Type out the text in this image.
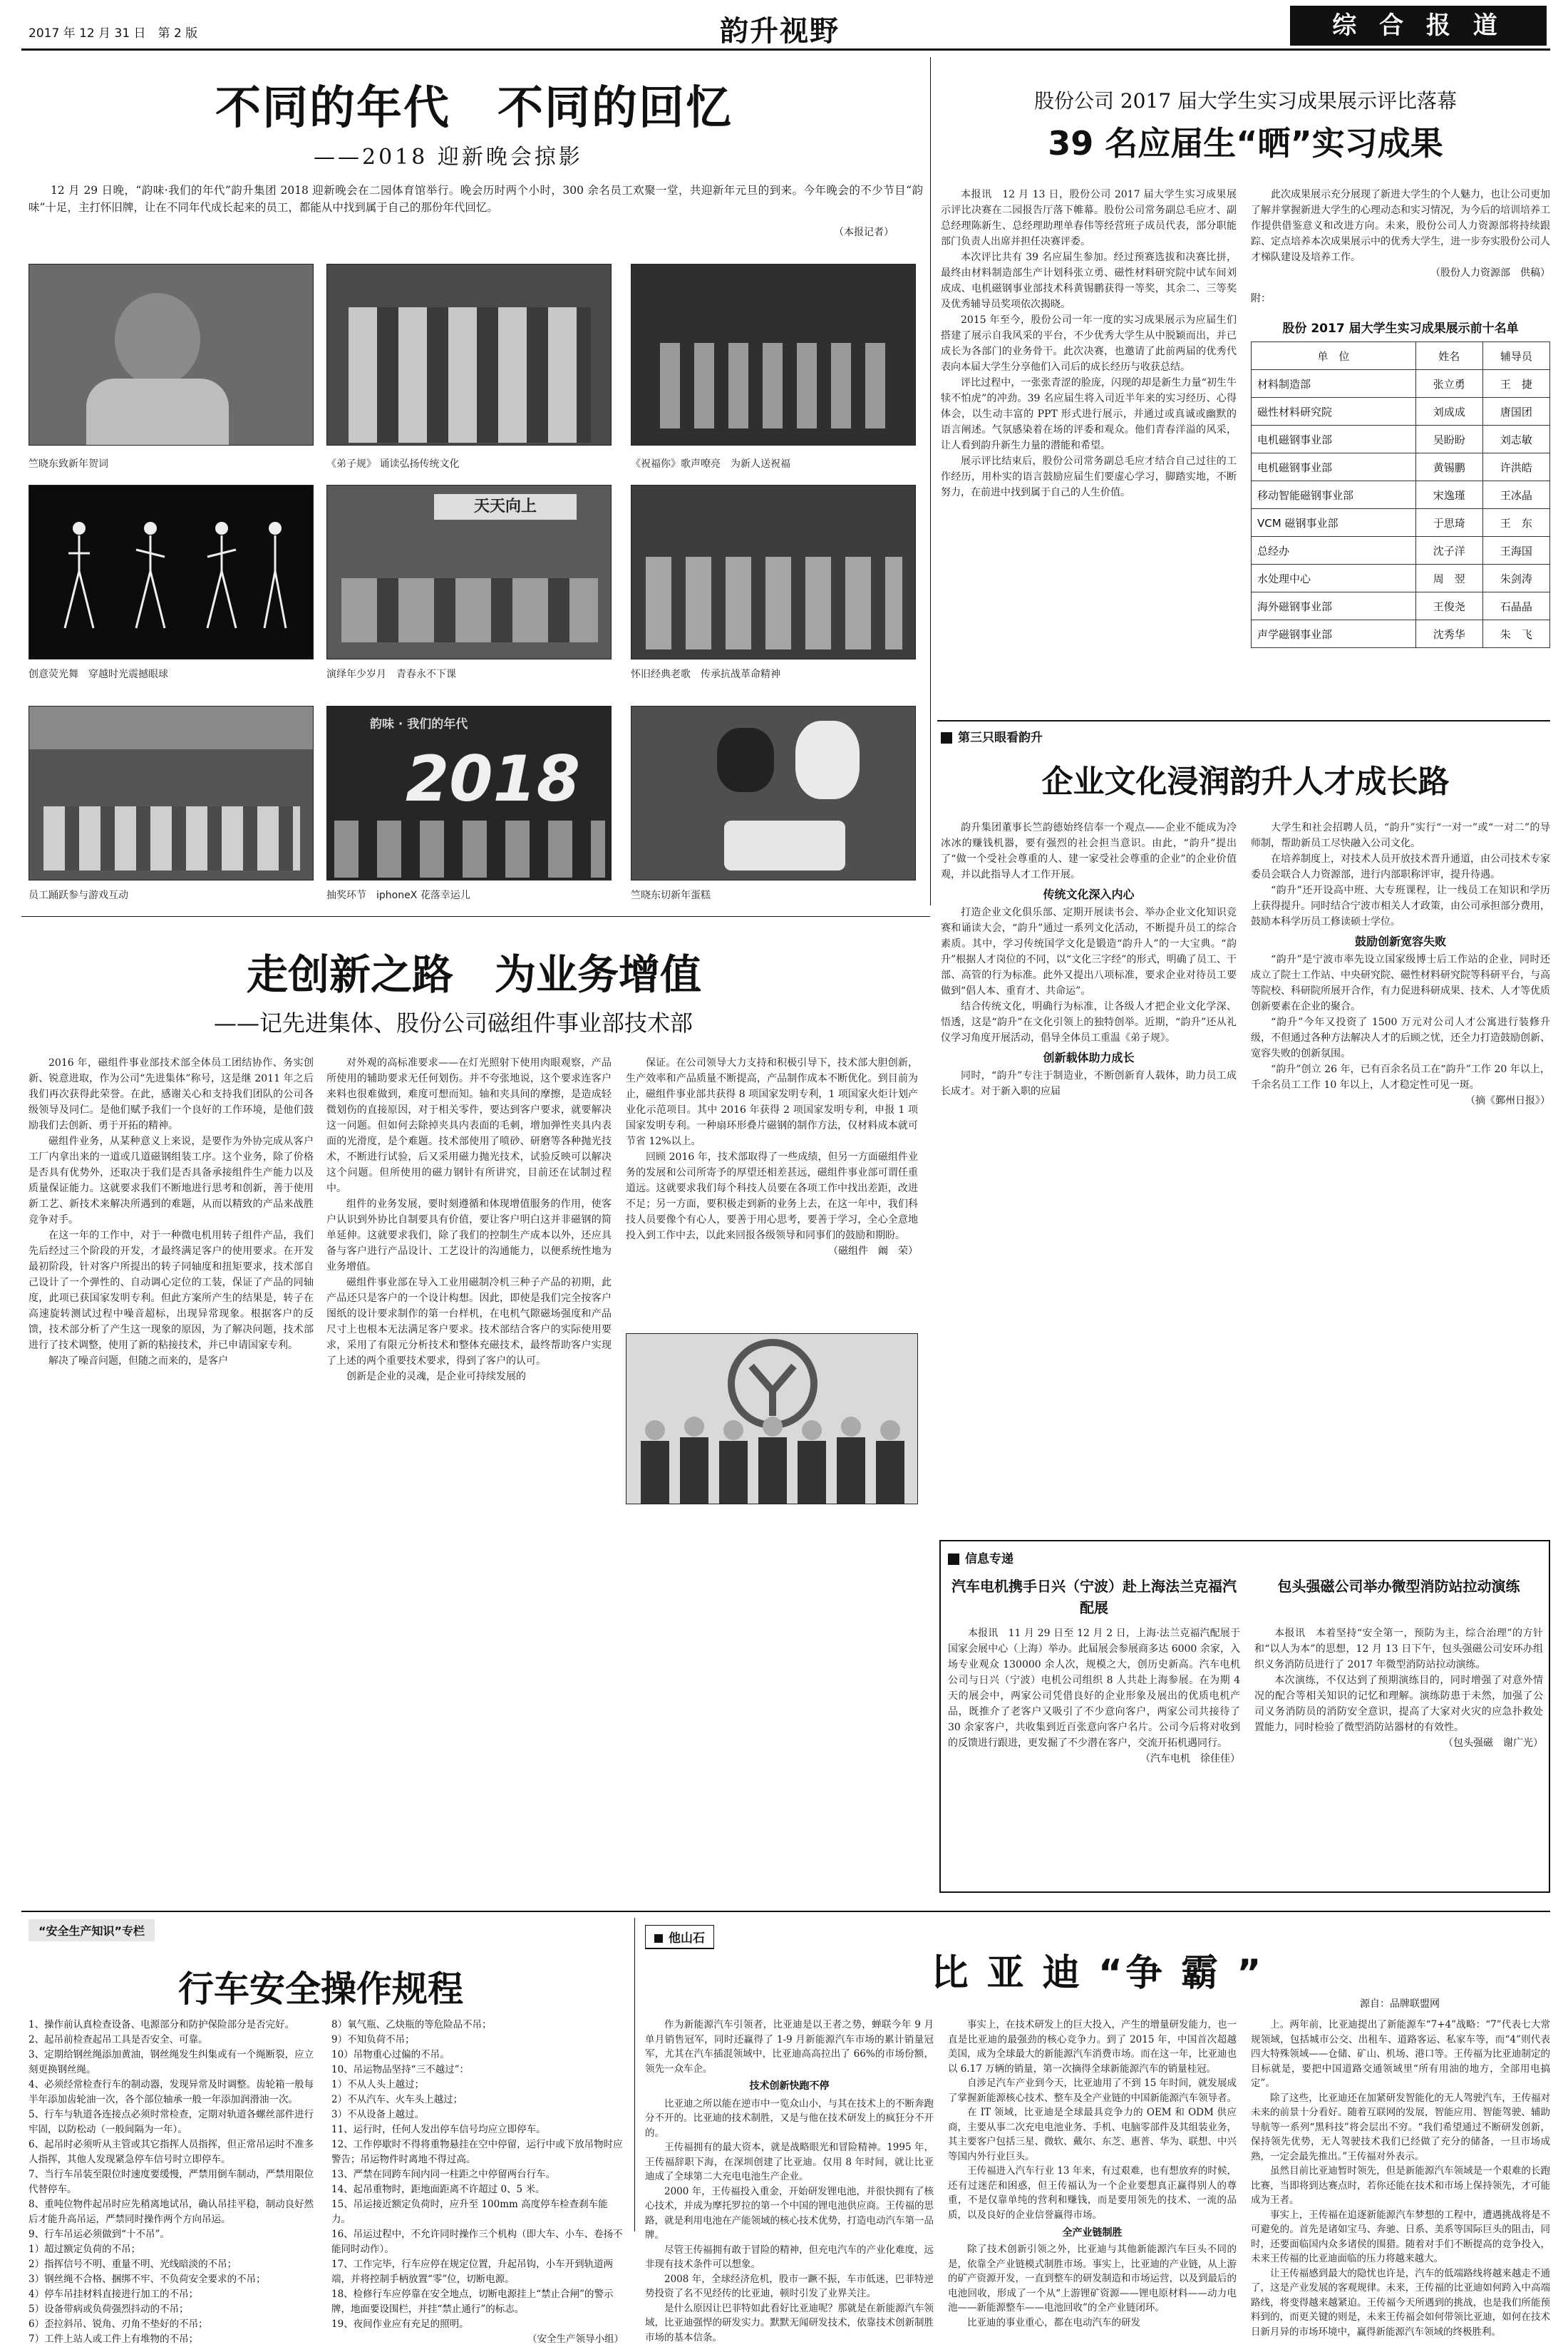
2017 年 12 月 31 日　 第 2 版	韵升视野	综 合 报 道
不同的年代　不同的回忆
——2018 迎新晚会掠影
12 月 29 日晚，“韵味·我们的年代”韵升集团 2018 迎新晚会在二园体育馆举行。晚会历时两个小时，300 余名员工欢聚一堂，共迎新年元旦的到来。今年晚会的不少节目“韵味”十足，主打怀旧牌，让在不同年代成长起来的员工，都能从中找到属于自己的那份年代回忆。
（本报记者）
竺晓东致新年贺词	《弟子规》 诵读弘扬传统文化	《祝福你》歌声嘹亮　为新人送祝福
创意荧光舞　穿越时光震撼眼球
天天向上
演绎年少岁月　青春永不下课	怀旧经典老歌　传承抗战革命精神
员工踊跃参与游戏互动
韵味 · 我们的年代
2018
抽奖环节　iphoneX 花落幸运儿	竺晓东切新年蛋糕
股份公司 2017 届大学生实习成果展示评比落幕
39 名应届生“晒”实习成果
本报讯　12 月 13 日，股份公司 2017 届大学生实习成果展示评比决赛在二园报告厅落下帷幕。股份公司常务副总毛应才、副总经理陈新生、总经理助理单春伟等经营班子成员代表，部分职能部门负责人出席并担任决赛评委。
本次评比共有 39 名应届生参加。经过预赛选拔和决赛比拼，最终由材料制造部生产计划科张立勇、磁性材料研究院中试车间刘成成、电机磁钢事业部技术科黄锡鹏获得一等奖，其余二、三等奖及优秀辅导员奖项依次揭晓。
2015 年至今，股份公司一年一度的实习成果展示为应届生们搭建了展示自我风采的平台，不少优秀大学生从中脱颖而出，并已成长为各部门的业务骨干。此次决赛，也邀请了此前两届的优秀代表向本届大学生分享他们入司后的成长经历与收获总结。
评比过程中，一张张青涩的脸庞，闪现的却是新生力量“初生牛犊不怕虎”的冲劲。39 名应届生将入司近半年来的实习经历、心得体会，以生动丰富的 PPT 形式进行展示，并通过或真诚或幽默的语言阐述。气氛感染着在场的评委和观众。他们青春洋溢的风采，让人看到韵升新生力量的潜能和希望。
展示评比结束后，股份公司常务副总毛应才结合自己过往的工作经历，用朴实的语言鼓励应届生们要虚心学习，脚踏实地，不断努力，在前进中找到属于自己的人生价值。
此次成果展示充分展现了新进大学生的个人魅力，也让公司更加了解并掌握新进大学生的心理动态和实习情况，为今后的培训培养工作提供借鉴意义和改进方向。未来，股份公司人力资源部将持续跟踪、定点培养本次成果展示中的优秀大学生，进一步夯实股份公司人才梯队建设及培养工作。
（股份人力资源部　供稿）
附：
股份 2017 届大学生实习成果展示前十名单
单　位	姓名	辅导员
材料制造部	张立勇	王　捷
磁性材料研究院	刘成成	唐国团
电机磁钢事业部	吴盼盼	刘志敏
电机磁钢事业部	黄锡鹏	许洪皓
移动智能磁钢事业部	宋逸瑾	王冰晶
VCM 磁钢事业部	于思琦	王　东
总经办	沈子洋	王海国
水处理中心	周　翌	朱剑涛
海外磁钢事业部	王俊尧	石晶晶
声学磁钢事业部	沈秀华	朱　飞
第三只眼看韵升
企业文化浸润韵升人才成长路
韵升集团董事长竺韵德始终信奉一个观点——企业不能成为冷冰冰的赚钱机器，要有强烈的社会担当意识。由此，“韵升”提出了“做一个受社会尊重的人、建一家受社会尊重的企业”的企业价值观，并以此指导人才工作开展。
传统文化深入内心
打造企业文化俱乐部、定期开展读书会、举办企业文化知识竞赛和诵读大会，“韵升”通过一系列文化活动，不断提升员工的综合素质。其中，学习传统国学文化是锻造“韵升人”的一大宝典。“韵升”根据人才岗位的不同，以“文化三字经”的形式，明确了员工、干部、高管的行为标准。此外又提出八项标准，要求企业对待员工要做到“倡人本、重育才、共命运”。
结合传统文化，明确行为标准，让各级人才把企业文化学深、悟透，这是“韵升”在文化引领上的独特创举。近期，“韵升”还从礼仪学习角度开展活动，倡导全体员工重温《弟子规》。
创新载体助力成长
同时，“韵升”专注于制造业，不断创新育人载体，助力员工成长成才。对于新入职的应届
大学生和社会招聘人员，“韵升”实行“一对一”或“一对二”的导师制，帮助新员工尽快融入公司文化。
在培养制度上，对技术人员开放技术晋升通道，由公司技术专家委员会联合人力资源部，进行内部职称评审，提升待遇。
“韵升”还开设高中班、大专班课程，让一线员工在知识和学历上获得提升。同时结合宁波市相关人才政策，由公司承担部分费用，鼓励本科学历员工修读硕士学位。
鼓励创新宽容失败
“韵升”是宁波市率先设立国家级博士后工作站的企业，同时还成立了院士工作站、中央研究院、磁性材料研究院等科研平台，与高等院校、科研院所展开合作，有力促进科研成果、技术、人才等优质创新要素在企业的聚合。
“韵升”今年又投资了 1500 万元对公司人才公寓进行装修升级，不但通过各种方法解决人才的后顾之忧，还全力打造鼓励创新、宽容失败的创新氛围。
“韵升”创立 26 年，已有百余名员工在“韵升”工作 20 年以上，千余名员工工作 10 年以上，人才稳定性可见一斑。
（摘《鄞州日报》）
走创新之路　为业务增值
——记先进集体、股份公司磁组件事业部技术部
2016 年，磁组件事业部技术部全体员工团结协作、务实创新、锐意进取，作为公司“先进集体”称号，这是继 2011 年之后我们再次获得此荣誉。在此，感谢关心和支持我们团队的公司各级领导及同仁。是他们赋予我们一个良好的工作环境，是他们鼓励我们去创新、勇于开拓的精神。
磁组件业务，从某种意义上来说，是要作为外协完成从客户工厂内拿出来的一道或几道磁钢组装工序。这个业务，除了价格是否具有优势外，还取决于我们是否具备承接组件生产能力以及质量保证能力。这就要求我们不断地进行思考和创新，善于使用新工艺、新技术来解决所遇到的难题，从而以精致的产品来战胜竞争对手。
在这一年的工作中，对于一种微电机用转子组件产品，我们先后经过三个阶段的开发，才最终满足客户的使用要求。在开发最初阶段，针对客户所提出的转子同轴度和扭矩要求，技术部自己设计了一个弹性的、自动调心定位的工装，保证了产品的同轴度，此项已获国家发明专利。但此方案所产生的结果是，转子在高速旋转测试过程中噪音超标，出现异常现象。根据客户的反馈，技术部分析了产生这一现象的原因，为了解决问题，技术部进行了技术调整，使用了新的粘接技术，并已申请国家专利。
解决了噪音问题，但随之而来的，是客户
对外观的高标准要求——在灯光照射下使用肉眼观察，产品所使用的辅助要求无任何划伤。并不夸张地说，这个要求连客户来料也很难做到，难度可想而知。轴和夹具间的摩擦，是造成轻微划伤的直接原因，对于相关零件，要达到客户要求，就要解决这一问题。但如何去除掉夹具内表面的毛刺，增加弹性夹具内表面的光滑度，是个难题。技术部使用了喷砂、研磨等各种抛光技术，不断进行试验，后又采用磁力抛光技术，试验反映可以解决这个问题。但所使用的磁力钢针有所讲究，目前还在试制过程中。
组件的业务发展，要时刻遵循和体现增值服务的作用，使客户认识到外协比自制要具有价值，要让客户明白这并非磁钢的简单延伸。这就要求我们，除了我们的控制生产成本以外，还应具备与客户进行产品设计、工艺设计的沟通能力，以便系统性地为业务增值。
磁组件事业部在导入工业用磁制冷机三种子产品的初期，此产品还只是客户的一个设计构想。因此，即使是我们完全按客户图纸的设计要求制作的第一台样机，在电机气隙磁场强度和产品尺寸上也根本无法满足客户要求。技术部结合客户的实际使用要求，采用了有限元分析技术和整体充磁技术，最终帮助客户实现了上述的两个重要技术要求，得到了客户的认可。
创新是企业的灵魂，是企业可持续发展的
保证。在公司领导大力支持和积极引导下，技术部大胆创新，生产效率和产品质量不断提高，产品制作成本不断优化。到目前为止，磁组件事业部共获得 8 项国家发明专利，1 项国家火炬计划产业化示范项目。其中 2016 年获得 2 项国家发明专利，申报 1 项国家发明专利。一种扇环形叠片磁钢的制作方法，仅材料成本就可节省 12%以上。
回顾 2016 年，技术部取得了一些成绩，但另一方面磁组件业务的发展和公司所寄予的厚望还相差甚远，磁组件事业部可谓任重道远。这就要求我们每个科技人员要在各项工作中找出差距，改进不足；另一方面，要积极走到新的业务上去，在这一年中，我们科技人员要像个有心人，要善于用心思考，要善于学习，全心全意地投入到工作中去，以此来回报各级领导和同事们的鼓励和期盼。
（磁组件　阚　荣）
信息专递
汽车电机携手日兴（宁波）赴上海法兰克福汽配展
本报讯　11 月 29 日至 12 月 2 日，上海·法兰克福汽配展于国家会展中心（上海）举办。此届展会参展商多达 6000 余家，入场专业观众 130000 余人次，规模之大，创历史新高。汽车电机公司与日兴（宁波）电机公司组织 8 人共赴上海参展。在为期 4 天的展会中，两家公司凭借良好的企业形象及展出的优质电机产品，既推介了老客户又吸引了不少意向客户，两家公司共接待了 30 余家客户，共收集到近百张意向客户名片。公司今后将对收到的反馈进行跟进，更发掘了不少潜在客户，交流开拓机遇同行。
（汽车电机　徐佳佳）
包头强磁公司举办微型消防站拉动演练
本报讯　本着坚持“安全第一，预防为主，综合治理”的方针和“以人为本”的思想，12 月 13 日下午，包头强磁公司安环办组织义务消防员进行了 2017 年微型消防站拉动演练。
本次演练，不仅达到了预期演练目的，同时增强了对意外情况的配合等相关知识的记忆和理解。演练防患于未然，加强了公司义务消防员的消防安全意识，提高了大家对火灾的应急扑救处置能力，同时检验了微型消防站器材的有效性。
（包头强磁　谢广光）
“安全生产知识”专栏
行车安全操作规程
1、操作前认真检查设备、电源部分和防护保险部分是否完好。
2、起吊前检查起吊工具是否安全、可靠。
3、定期给钢丝绳添加黄油，钢丝绳发生纠集或有一个绳断裂，应立刻更换钢丝绳。
4、必须经常检查行车的制动器，发现异常及时调整。齿轮箱一般每半年添加齿轮油一次，各个部位轴承一般一年添加润滑油一次。
5、行车与轨道各连接点必须时常检查，定期对轨道各螺丝部件进行牢固，以防松动（一般间隔为一年）。
6、起吊时必须听从主管或其它指挥人员指挥，但正常吊运时不准多人指挥，其他人发现紧急停车信号时立即停车。
7、当行车吊装至限位时速度要缓慢，严禁用倒车制动，严禁用限位代替停车。
8、重吨位物件起吊时应先稍离地试吊，确认吊挂平稳，制动良好然后才能升高吊运，严禁同时操作两个方向吊运。
9、行车吊运必须做到“十不吊”。
1）超过额定负荷的不吊；
2）指挥信号不明、重量不明、光线暗淡的不吊；
3）钢丝绳不合格、捆绑不牢、不负荷安全要求的不吊；
4）停车吊挂材料直接进行加工的不吊；
5）设备带病或负荷强烈抖动的不吊；
6）歪拉斜吊、锐角、刃角不垫好的不吊；
7）工件上站人或工件上有堆物的不吊；
8）氧气瓶、乙炔瓶的等危险品不吊；
9）不知负荷不吊；
10）吊物重心过偏的不吊。
10、吊运物品坚持“三不越过”：
1）不从人头上越过；
2）不从汽车、火车头上越过；
3）不从设备上越过。
11、运行时，任何人发出停车信号均应立即停车。
12、工作停歇时不得将重物悬挂在空中停留，运行中或下放吊物时应警告；吊运物件时离地不得过高。
13、严禁在同跨车间内同一柱距之中停留两台行车。
14、起吊重物时，距地面距离不许超过 0、5 米。
15、吊运接近额定负荷时，应升至 100mm 高度停车检查刹车能力。
16、吊运过程中，不允许同时操作三个机构（即大车、小车、卷扬不能同时动作）。
17、工作完毕，行车应停在规定位置，升起吊钩，小车开到轨道两端，并将控制手柄放置“零”位，切断电源。
18、检修行车应停靠在安全地点，切断电源挂上“禁止合闸”的警示牌，地面要设围栏，并挂“禁止通行”的标志。
19、夜间作业应有充足的照明。
（安全生产领导小组）
他山石
比 亚 迪 “争 霸 ”
源自：品牌联盟网
作为新能源汽车引领者，比亚迪是以王者之势，蝉联今年 9 月单月销售冠军，同时还赢得了 1-9 月新能源汽车市场的累计销量冠军，尤其在汽车插混领域中，比亚迪高高拉出了 66%的市场份额，领先一众车企。
技术创新快跑不停
比亚迪之所以能在逆市中一览众山小，与其在技术上的不断奔跑分不开的。比亚迪的技术制胜，又是与他在技术研发上的疯狂分不开的。
王传福拥有的最大资本，就是战略眼光和冒险精神。1995 年，王传福辞职下海，在深圳创建了比亚迪。仅用 8 年时间，就让比亚迪成了全球第二大充电电池生产企业。
2000 年，王传福投入重金，开始研发锂电池，并很快拥有了核心技术，并成为摩托罗拉的第一个中国的锂电池供应商。王传福的思路，就是利用电池在产能领域的核心技术优势，打造电动汽车第一品牌。
尽管王传福拥有敢于冒险的精神，但充电汽车的产业化难度，远非现有技术条件可以想象。
2008 年，全球经济危机，股市一蹶不振，车市低迷，巴菲特逆势投资了名不见经传的比亚迪，顿时引发了业界关注。
是什么原因让巴菲特如此看好比亚迪呢？那就是在新能源汽车领域，比亚迪强悍的研发实力。默默无闻研发技术，依靠技术创新制胜市场的基本信条。
事实上，在技术研发上的巨大投入，产生的增量研发能力，也一直是比亚迪的最强劲的核心竞争力。到了 2015 年，中国首次超越美国，成为全球最大的新能源汽车消费市场。而在这一年，比亚迪也以 6.17 万辆的销量，第一次摘得全球新能源汽车的销量桂冠。
自涉足汽车产业到今天，比亚迪用了不到 15 年时间，就发展成了掌握新能源核心技术、整车及全产业链的中国新能源汽车领导者。
在 IT 领域，比亚迪是全球最具竞争力的 OEM 和 ODM 供应商，主要从事二次充电电池业务、手机、电脑零部件及其组装业务，其主要客户包括三星、微软、戴尔、东芝、惠普、华为、联想、中兴等国内外行业巨头。
王传福进入汽车行业 13 年来，有过艰难，也有想放弃的时候，还有过迷茫和困惑，但王传福认为一个企业要想真正赢得别人的尊重，不是仅靠单纯的营利和赚钱，而是要用领先的技术、一流的品质，以及良好的企业信誉赢得市场。
全产业链制胜
除了技术创新引领之外，比亚迪与其他新能源汽车巨头不同的是，依靠全产业链模式制胜市场。事实上，比亚迪的产业链，从上游的矿产资源开发，一直到整车的研发制造和市场运营，以及到最后的电池回收，形成了一个从“上游锂矿资源——锂电原材料——动力电池——新能源整车——电池回收”的全产业链闭环。
比亚迪的事业重心，都在电动汽车的研发
上。两年前，比亚迪提出了新能源车“7+4”战略：“7”代表七大常规领域，包括城市公交、出租车、道路客运、私家车等，而“4”则代表四大特殊领域——仓储、矿山、机场、港口等。王传福为比亚迪制定的目标就是，要把中国道路交通领域里“所有用油的地方，全部用电搞定”。
除了这些，比亚迪还在加紧研发智能化的无人驾驶汽车，王传福对未来的前景十分看好。随着互联网的发展，智能应用、智能驾驶、辅助导航等一系列“黑科技”将会层出不穷。“我们希望通过不断研发创新，保持领先优势，无人驾驶技术我们已经做了充分的储备，一旦市场成熟，一定会最先推出。”王传福对外表示。
虽然目前比亚迪暂时领先，但是新能源汽车领域是一个艰难的长跑比赛，当即将到达赛点时，若你还能在技术和市场上保持领先，才可能成为王者。
事实上，王传福在追逐新能源汽车梦想的工程中，遭遇挑战将是不可避免的。首先是诸如宝马、奔驰、日系、美系等国际巨头的阻击，同时，还要面临国内众多诸侯的围猎。随着对手们不断提高的竞争投入，未来王传福的比亚迪面临的压力将越来越大。
让王传福感到最大的隐忧也许是，汽车的低端路线将越来越走不通了，这是产业发展的客观规律。未来，王传福的比亚迪如何跨入中高端路线，将变得越来越紧迫。王传福今天所遇到的挑战，也是我们所能预料到的，而更关键的则是，未来王传福会如何带领比亚迪，如何在技术日新月异的市场环境中，赢得新能源汽车领域的终极胜利。
